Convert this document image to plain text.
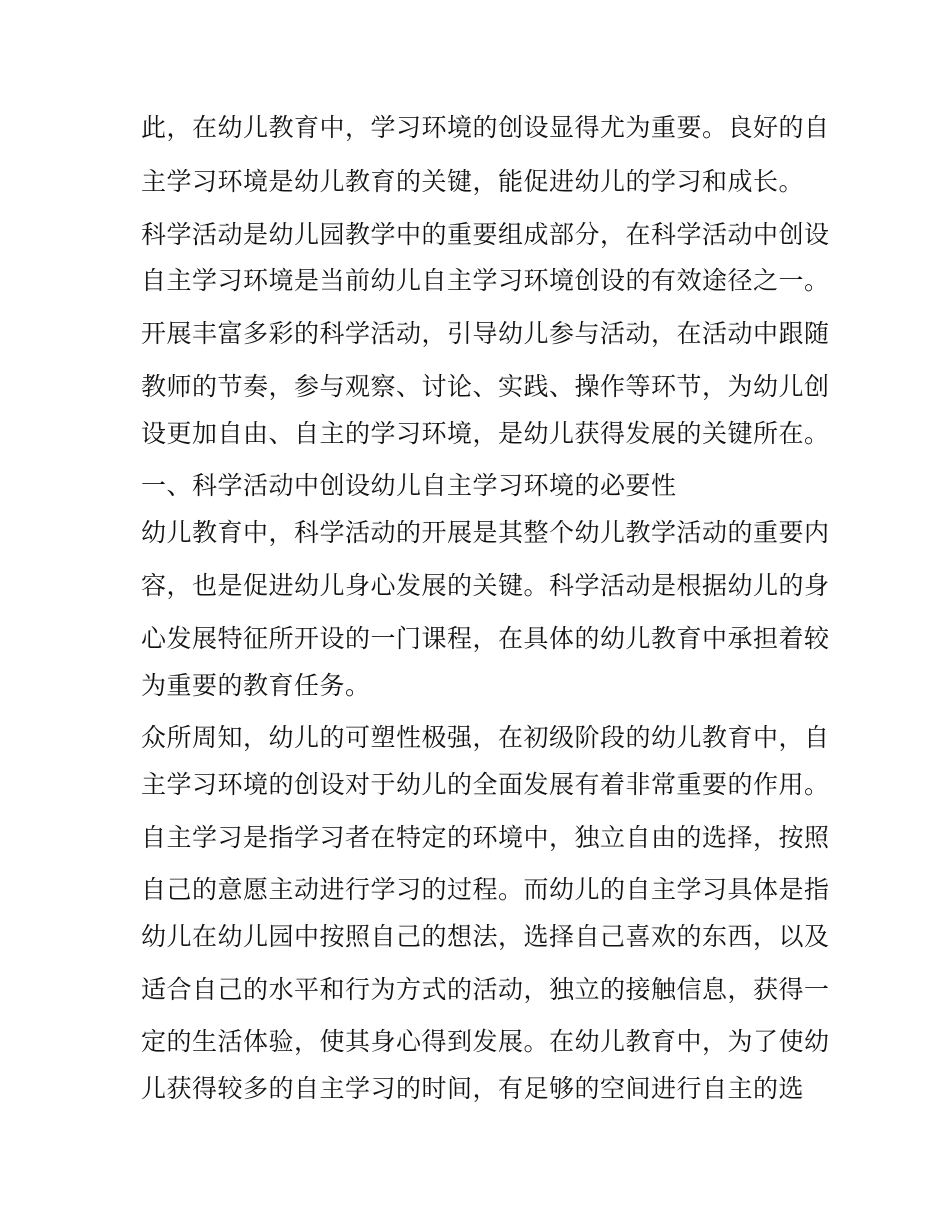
此，在幼儿教育中，学习环境的创设显得尤为重要。良好的自
主学习环境是幼儿教育的关键，能促进幼儿的学习和成长。
科学活动是幼儿园教学中的重要组成部分，在科学活动中创设
自主学习环境是当前幼儿自主学习环境创设的有效途径之一。
开展丰富多彩的科学活动，引导幼儿参与活动，在活动中跟随
教师的节奏，参与观察、讨论、实践、操作等环节，为幼儿创
设更加自由、自主的学习环境，是幼儿获得发展的关键所在。
一、科学活动中创设幼儿自主学习环境的必要性
幼儿教育中，科学活动的开展是其整个幼儿教学活动的重要内
容，也是促进幼儿身心发展的关键。科学活动是根据幼儿的身
心发展特征所开设的一门课程，在具体的幼儿教育中承担着较
为重要的教育任务。
众所周知，幼儿的可塑性极强，在初级阶段的幼儿教育中，自
主学习环境的创设对于幼儿的全面发展有着非常重要的作用。
自主学习是指学习者在特定的环境中，独立自由的选择，按照
自己的意愿主动进行学习的过程。而幼儿的自主学习具体是指
幼儿在幼儿园中按照自己的想法，选择自己喜欢的东西，以及
适合自己的水平和行为方式的活动，独立的接触信息，获得一
定的生活体验，使其身心得到发展。在幼儿教育中，为了使幼
儿获得较多的自主学习的时间，有足够的空间进行自主的选
